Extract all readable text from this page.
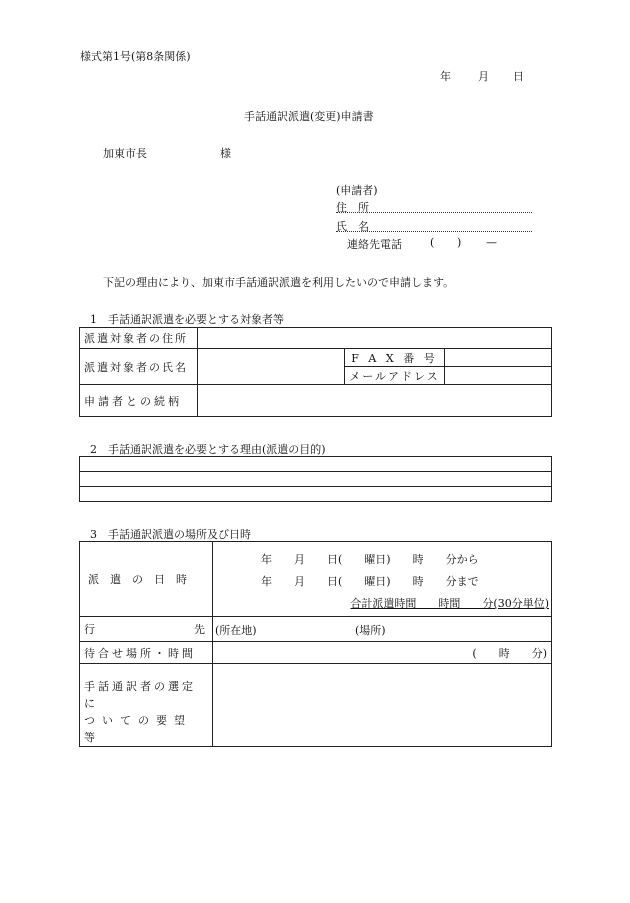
様式第1号(第8条関係)
年 月 日
手話通訳派遣(変更)申請書
加東市長	様
(申請者)
住　所
氏　名
連絡先電話	( ) —
下記の理由により、加東市手話通訳派遣を利用したいので申請します。
1　手話通訳派遣を必要とする対象者等
派遣対象者の住所			
派遣対象者の氏名		F A X 番 号	
		メールアドレス	
申請者との続柄			
2　手話通訳派遣を必要とする理由(派遣の目的)

3　手話通訳派遣の場所及び日時
派　遣　の　日　時	年　　月　　日(　　曜日)　　時　　分から
年　　月　　日(　　曜日)　　時　　分まで
合計派遣時間　　時間　　分(30分単位)

行　　　　　　　　　先	(所在地) (場所)

待合せ場所・時間	(　　時　　分)

手話通訳者の選定に
ついての要望等	
